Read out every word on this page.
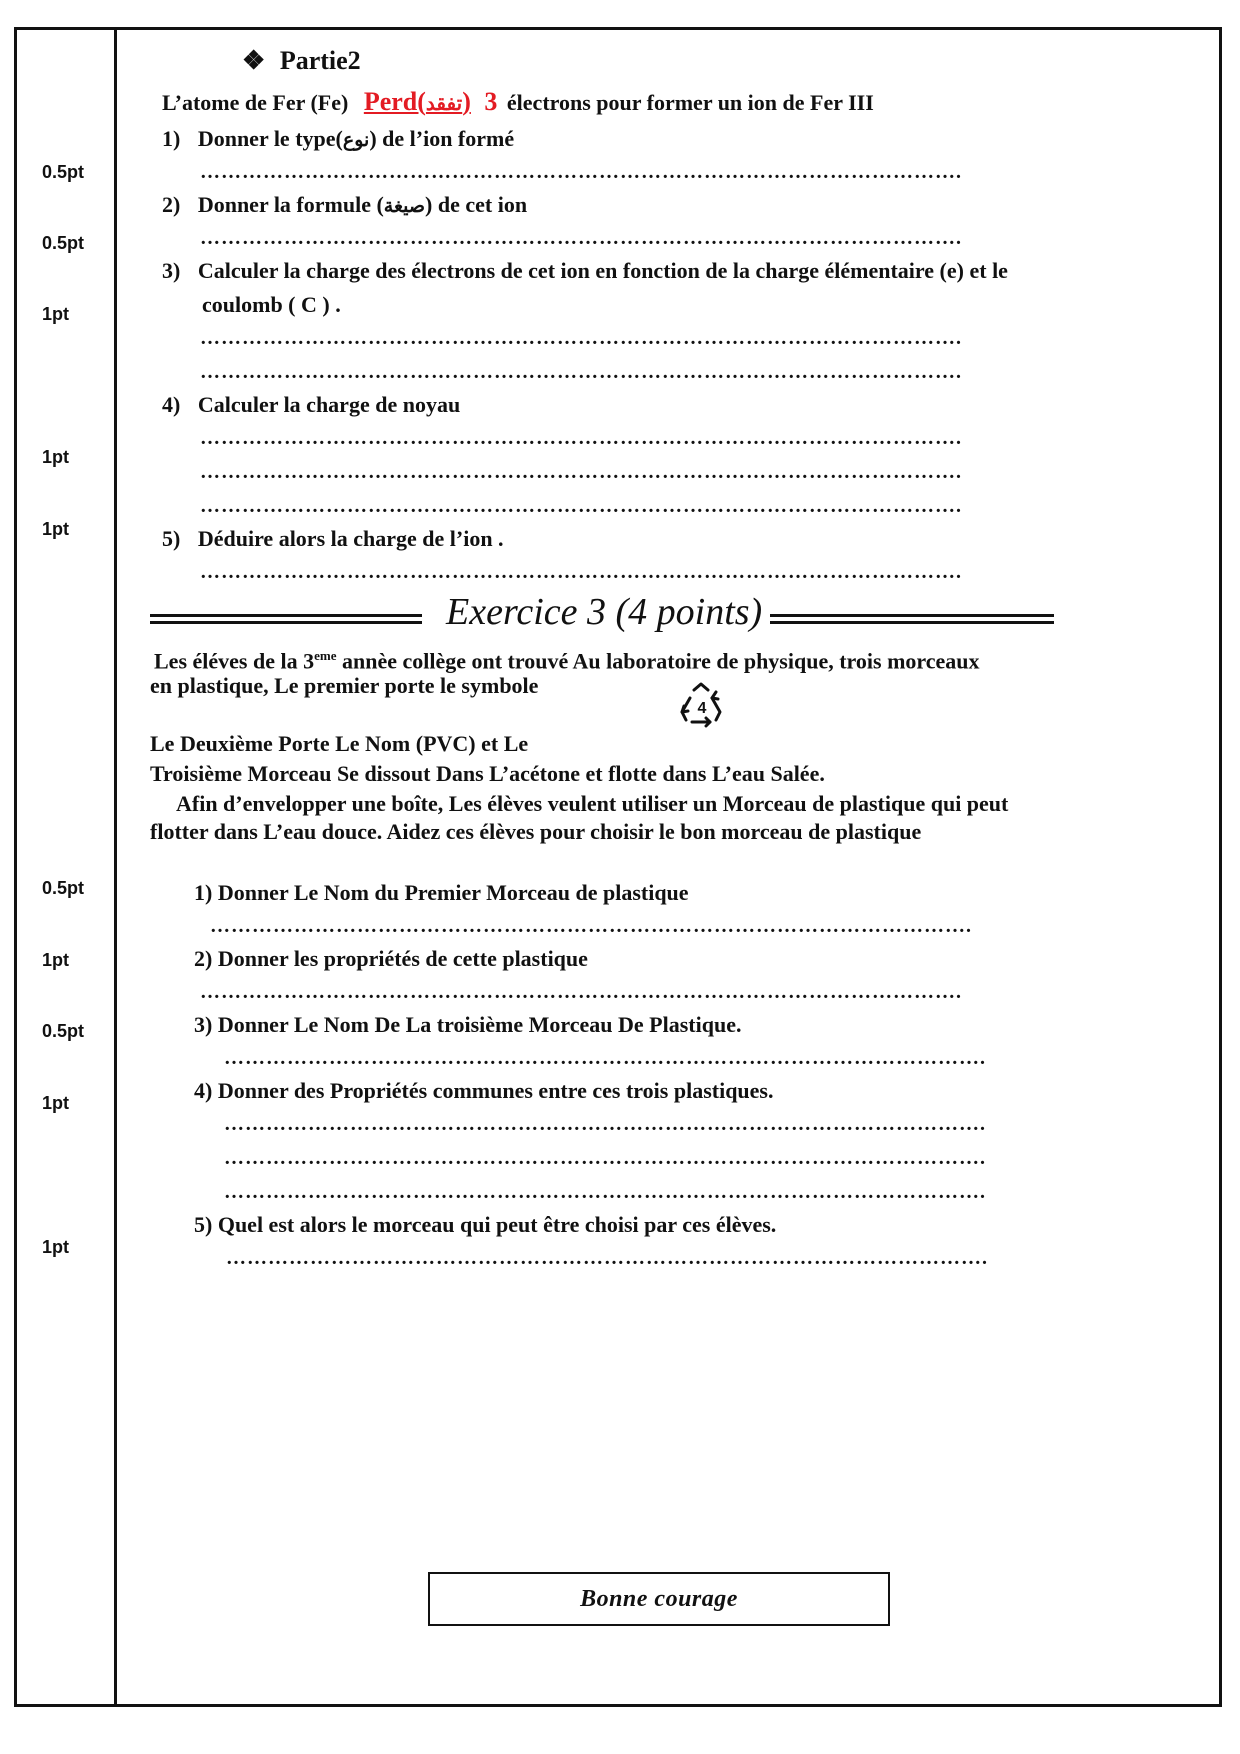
0.5pt

0.5pt

1pt

1pt

1pt

0.5pt

1pt

0.5pt

1pt

1pt

❖ Partie2

L’atome de Fer (Fe) Perd(تفقد) 3 électrons pour former un ion de Fer III

1) Donner le type(نوع) de l’ion formé

……………………………………………………………………………………………….

2) Donner la formule (صيغة) de cet ion

……………………………………………………………………………………………….

3) Calculer la charge des électrons de cet ion en fonction de la charge élémentaire (e) et le

coulomb ( C ) .

……………………………………………………………………………………………….

……………………………………………………………………………………………….

4) Calculer la charge de noyau

……………………………………………………………………………………………….

……………………………………………………………………………………………….

……………………………………………………………………………………………….

5) Déduire alors la charge de l’ion .

……………………………………………………………………………………………….

Exercice 3 (4 points)

Les éléves de la 3eme annèe collège ont trouvé Au laboratoire de physique, trois morceaux

en plastique, Le premier porte le symbole

4

Le Deuxième Porte Le Nom (PVC) et Le

Troisième Morceau Se dissout Dans L’acétone et flotte dans L’eau Salée.

Afin d’envelopper une boîte, Les élèves veulent utiliser un Morceau de plastique qui peut

flotter dans L’eau douce. Aidez ces élèves pour choisir le bon morceau de plastique

1) Donner Le Nom du Premier Morceau de plastique

……………………………………………………………………………………………….

2) Donner les propriétés de cette plastique

……………………………………………………………………………………………….

3) Donner Le Nom De La troisième Morceau De Plastique.

……………………………………………………………………………………………….

4) Donner des Propriétés communes entre ces trois plastiques.

……………………………………………………………………………………………….

……………………………………………………………………………………………….

……………………………………………………………………………………………….

5) Quel est alors le morceau qui peut être choisi par ces élèves.

……………………………………………………………………………………………….

Bonne courage
